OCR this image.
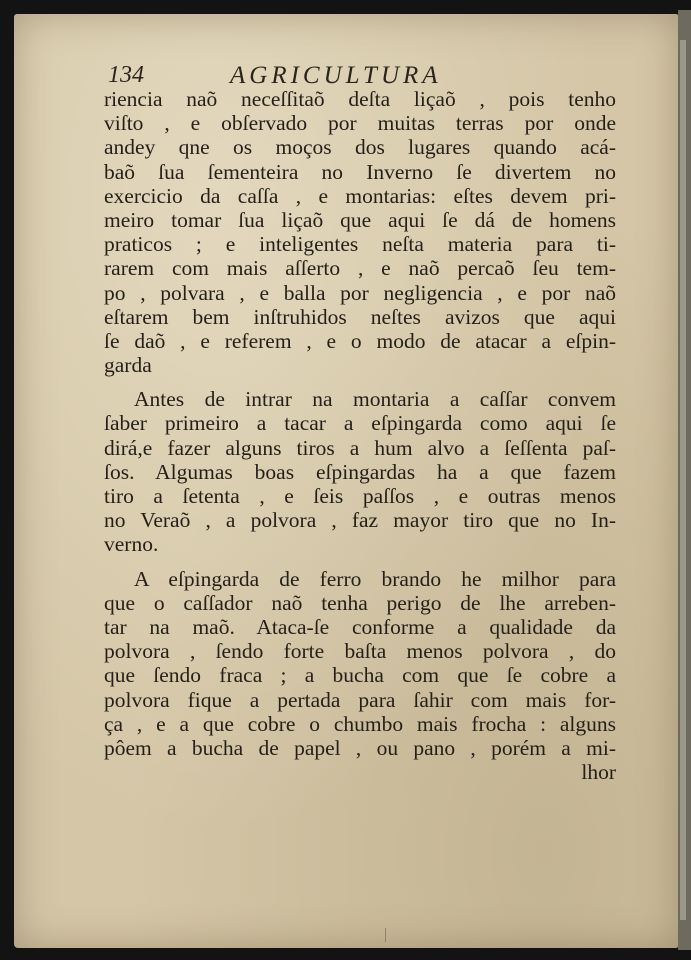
134	AGRICULTURA
riencia naõ neceſſitaõ deſta liçaõ , pois tenho
viſto , e obſervado por muitas terras por onde
andey qne os moços dos lugares quando acá-
baõ ſua ſementeira no Inverno ſe divertem no
exercicio da caſſa , e montarias: eſtes devem pri-
meiro tomar ſua liçaõ que aqui ſe dá de homens
praticos ; e inteligentes neſta materia para ti-
rarem com mais aſſerto , e naõ percaõ ſeu tem-
po , polvara , e balla por negligencia , e por naõ
eſtarem bem inſtruhidos neſtes avizos que aqui
ſe daõ , e referem , e o modo de atacar a eſpin-
garda
Antes de intrar na montaria a caſſar convem
ſaber primeiro a tacar a eſpingarda como aqui ſe
dirá,e fazer alguns tiros a hum alvo a ſeſſenta paſ-
ſos. Algumas boas eſpingardas ha a que fazem
tiro a ſetenta , e ſeis paſſos , e outras menos
no Veraõ , a polvora , faz mayor tiro que no In-
verno.
A eſpingarda de ferro brando he milhor para
que o caſſador naõ tenha perigo de lhe arreben-
tar na maõ. Ataca-ſe conforme a qualidade da
polvora , ſendo forte baſta menos polvora , do
que ſendo fraca ; a bucha com que ſe cobre a
polvora fique a pertada para ſahir com mais for-
ça , e a que cobre o chumbo mais frocha : alguns
pôem a bucha de papel , ou pano , porém a mi-
lhor
